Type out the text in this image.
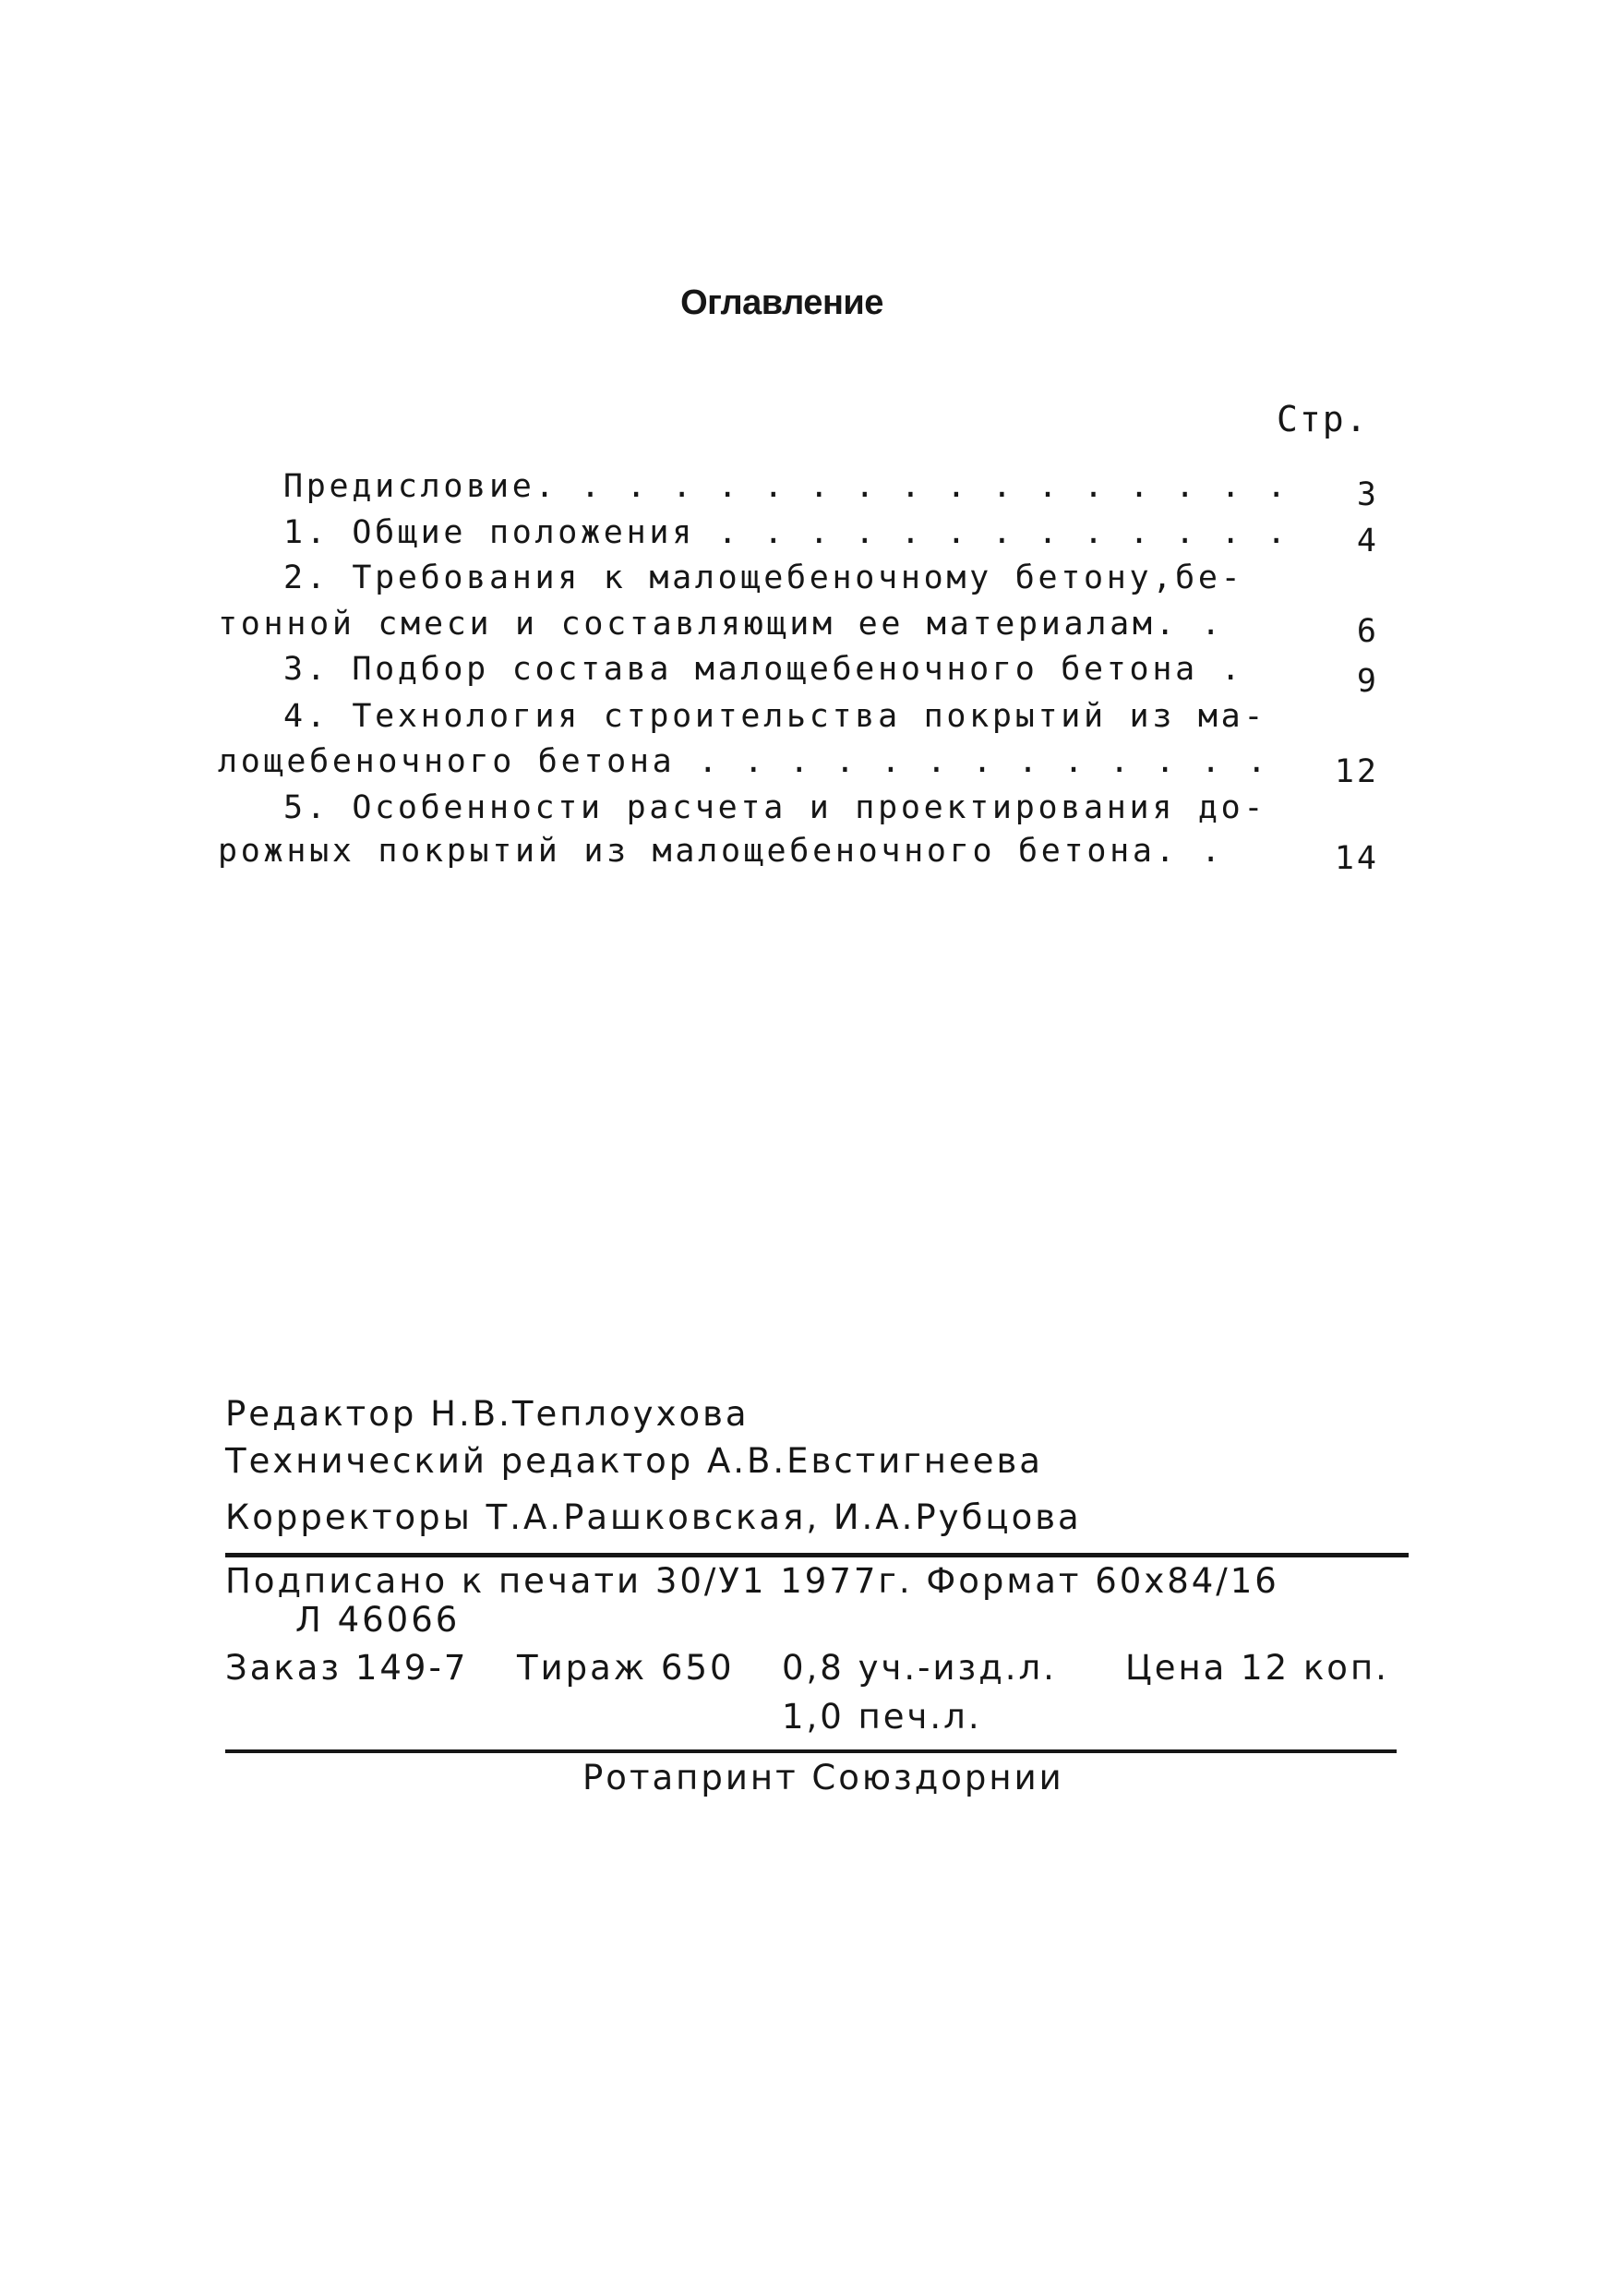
Оглавление
Стр.
Предисловие. . . . . . . . . . . . . . . . . 3
1. Общие положения . . . . . . . . . . . . . 4
2. Требования к малощебеночному бетону,бе-
тонной смеси и составляющим ее материалам. .	6
3. Подбор состава малощебеночного бетона .	9
4. Технология строительства покрытий из ма-
лощебеночного бетона . . . . . . . . . . . . . 12
5. Особенности расчета и проектирования до-
рожных покрытий из малощебеночного бетона. .	14
Редактор Н.В.Теплоухова
Технический редактор А.В.Евстигнеева
Корректоры Т.А.Рашковская, И.А.Рубцова
Подписано к печати 30/У1 1977г. Формат 60х84/16
Л 46066
Заказ 149-7 Тираж 650 0,8 уч.-изд.л. Цена 12 коп.
1,0 печ.л.
Ротапринт Союздорнии
